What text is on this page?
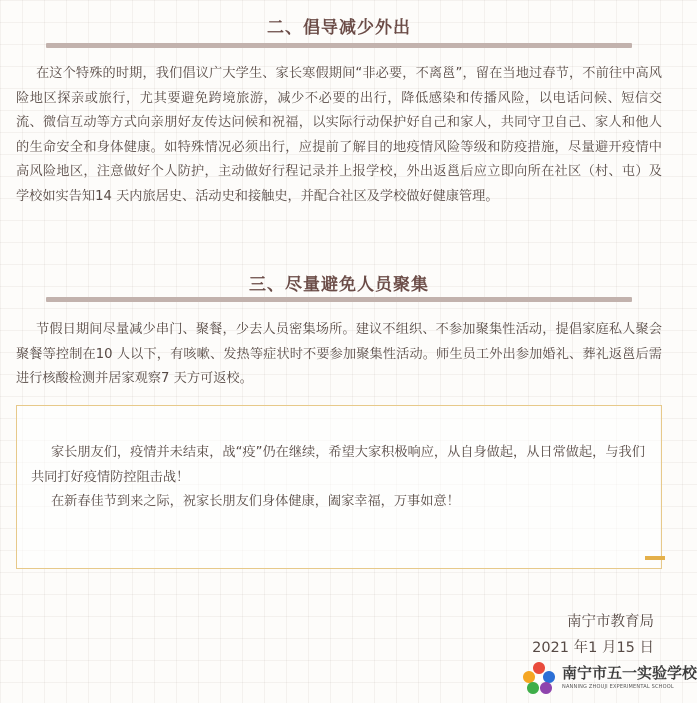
二、倡导减少外出

在这个特殊的时期，我们倡议广大学生、家长寒假期间“非必要，不离邕”，留在当地过春节，不前往中高风险地区探亲或旅行，尤其要避免跨境旅游，减少不必要的出行，降低感染和传播风险，以电话问候、短信交流、微信互动等方式向亲朋好友传达问候和祝福，以实际行动保护好自己和家人，共同守卫自己、家人和他人的生命安全和身体健康。如特殊情况必须出行，应提前了解目的地疫情风险等级和防疫措施，尽量避开疫情中高风险地区，注意做好个人防护，主动做好行程记录并上报学校，外出返邕后应立即向所在社区（村、屯）及学校如实告知14 天内旅居史、活动史和接触史，并配合社区及学校做好健康管理。

三、尽量避免人员聚集

节假日期间尽量减少串门、聚餐，少去人员密集场所。建议不组织、不参加聚集性活动，提倡家庭私人聚会聚餐等控制在10 人以下，有咳嗽、发热等症状时不要参加聚集性活动。师生员工外出参加婚礼、葬礼返邕后需进行核酸检测并居家观察7 天方可返校。

家长朋友们，疫情并未结束，战“疫”仍在继续，希望大家积极响应，从自身做起，从日常做起，与我们共同打好疫情防控阻击战！
在新春佳节到来之际，祝家长朋友们身体健康，阖家幸福，万事如意！
南宁市教育局
2021 年1 月15 日
南宁市五一实验学校
NANNING ZHOUJI EXPERIMENTAL SCHOOL
